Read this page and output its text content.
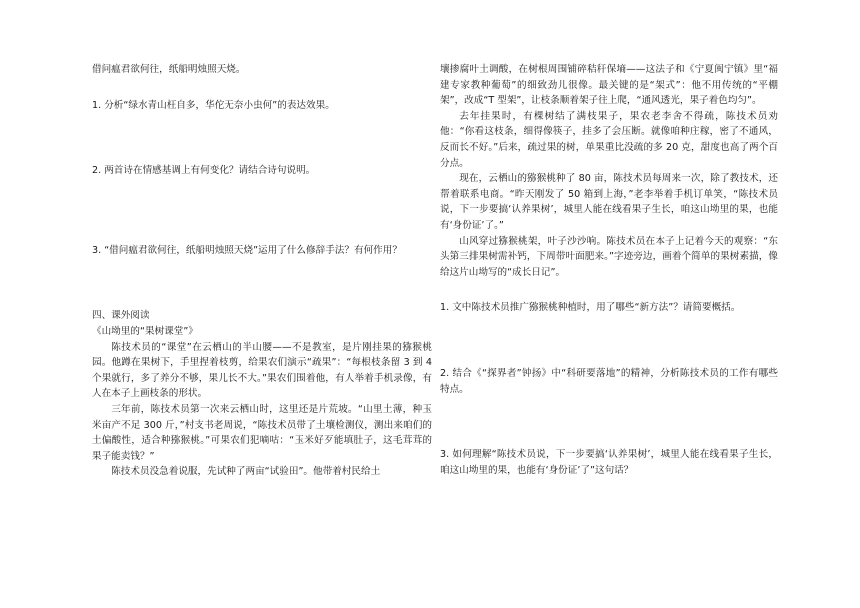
借问瘟君欲何往，纸船明烛照天烧。

1. 分析“绿水青山枉自多，华佗无奈小虫何”的表达效果。

2. 两首诗在情感基调上有何变化？请结合诗句说明。

3. “借问瘟君欲何往，纸船明烛照天烧”运用了什么修辞手法？有何作用？

四、课外阅读

《山坳里的“果树课堂”》

陈技术员的“课堂”在云栖山的半山腰——不是教室，是片刚挂果的猕猴桃园。他蹲在果树下，手里捏着枝剪，给果农们演示“疏果”：“每根枝条留 3 到 4 个果就行，多了养分不够，果儿长不大。”果农们围着他，有人举着手机录像，有人在本子上画枝条的形状。

三年前，陈技术员第一次来云栖山时，这里还是片荒坡。“山里土薄，种玉米亩产不足 300 斤，”村支书老周说，“陈技术员带了土壤检测仪，测出来咱们的土偏酸性，适合种猕猴桃。”可果农们犯嘀咕：“玉米好歹能填肚子，这毛茸茸的果子能卖钱？”

陈技术员没急着说服，先试种了两亩“试验田”。他带着村民给土

壤掺腐叶土调酸，在树根周围铺碎秸秆保墒——这法子和《宁夏闽宁镇》里“福建专家教种葡萄”的细致劲儿很像。最关键的是“架式”：他不用传统的“平棚架”，改成“T 型架”，让枝条顺着架子往上爬，“通风透光，果子着色均匀”。

去年挂果时，有棵树结了满枝果子，果农老李舍不得疏，陈技术员劝他：“你看这枝条，细得像筷子，挂多了会压断。就像咱种庄稼，密了不通风，反而长不好。”后来，疏过果的树，单果重比没疏的多 20 克，甜度也高了两个百分点。

现在，云栖山的猕猴桃种了 80 亩，陈技术员每周来一次，除了教技术，还帮着联系电商。“昨天刚发了 50 箱到上海，”老李举着手机订单笑，“陈技术员说，下一步要搞‘认养果树’，城里人能在线看果子生长，咱这山坳里的果，也能有‘身份证’了。”

山风穿过猕猴桃架，叶子沙沙响。陈技术员在本子上记着今天的观察：“东头第三排果树需补钙，下周带叶面肥来。”字迹旁边，画着个简单的果树素描，像给这片山坳写的“成长日记”。

1. 文中陈技术员推广猕猴桃种植时，用了哪些“新方法”？请简要概括。

2. 结合《“探界者”钟扬》中“科研要落地”的精神，分析陈技术员的工作有哪些特点。

3. 如何理解“陈技术员说，下一步要搞‘认养果树’，城里人能在线看果子生长，咱这山坳里的果，也能有‘身份证’了”这句话？
